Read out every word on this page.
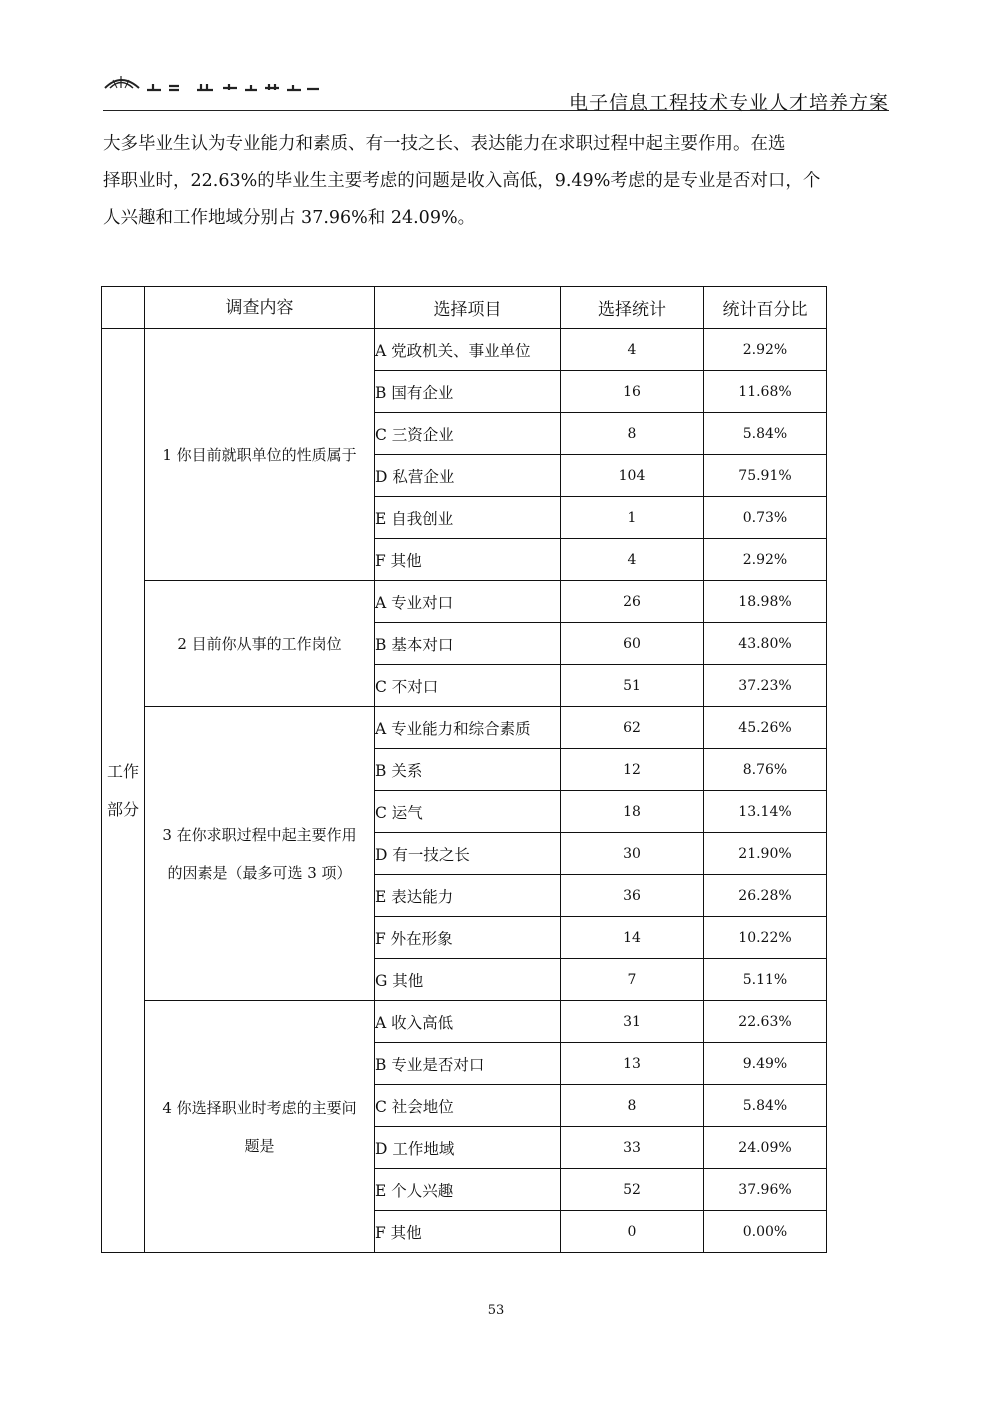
电子信息工程技术专业人才培养方案

大多毕业生认为专业能力和素质、有一技之长、表达能力在求职过程中起主要作用。在选

择职业时，22.63%的毕业生主要考虑的问题是收入高低，9.49%考虑的是专业是否对口，个

人兴趣和工作地域分别占 37.96%和 24.09%。

	调查内容	选择项目	选择统计	统计百分比

工作
部分	1 你目前就职单位的性质属于	A 党政机关、事业单位	4	2.92%
		B 国有企业	16	11.68%
		C 三资企业	8	5.84%
		D 私营企业	104	75.91%
		E 自我创业	1	0.73%
		F 其他	4	2.92%

	2 目前你从事的工作岗位	A 专业对口	26	18.98%
		B 基本对口	60	43.80%
		C 不对口	51	37.23%

	3 在你求职过程中起主要作用
的因素是（最多可选 3 项）	A 专业能力和综合素质	62	45.26%
		B 关系	12	8.76%
		C 运气	18	13.14%
		D 有一技之长	30	21.90%
		E 表达能力	36	26.28%
		F 外在形象	14	10.22%
		G 其他	7	5.11%

	4 你选择职业时考虑的主要问
题是	A 收入高低	31	22.63%
		B 专业是否对口	13	9.49%
		C 社会地位	8	5.84%
		D 工作地域	33	24.09%
		E 个人兴趣	52	37.96%
		F 其他	0	0.00%
53
